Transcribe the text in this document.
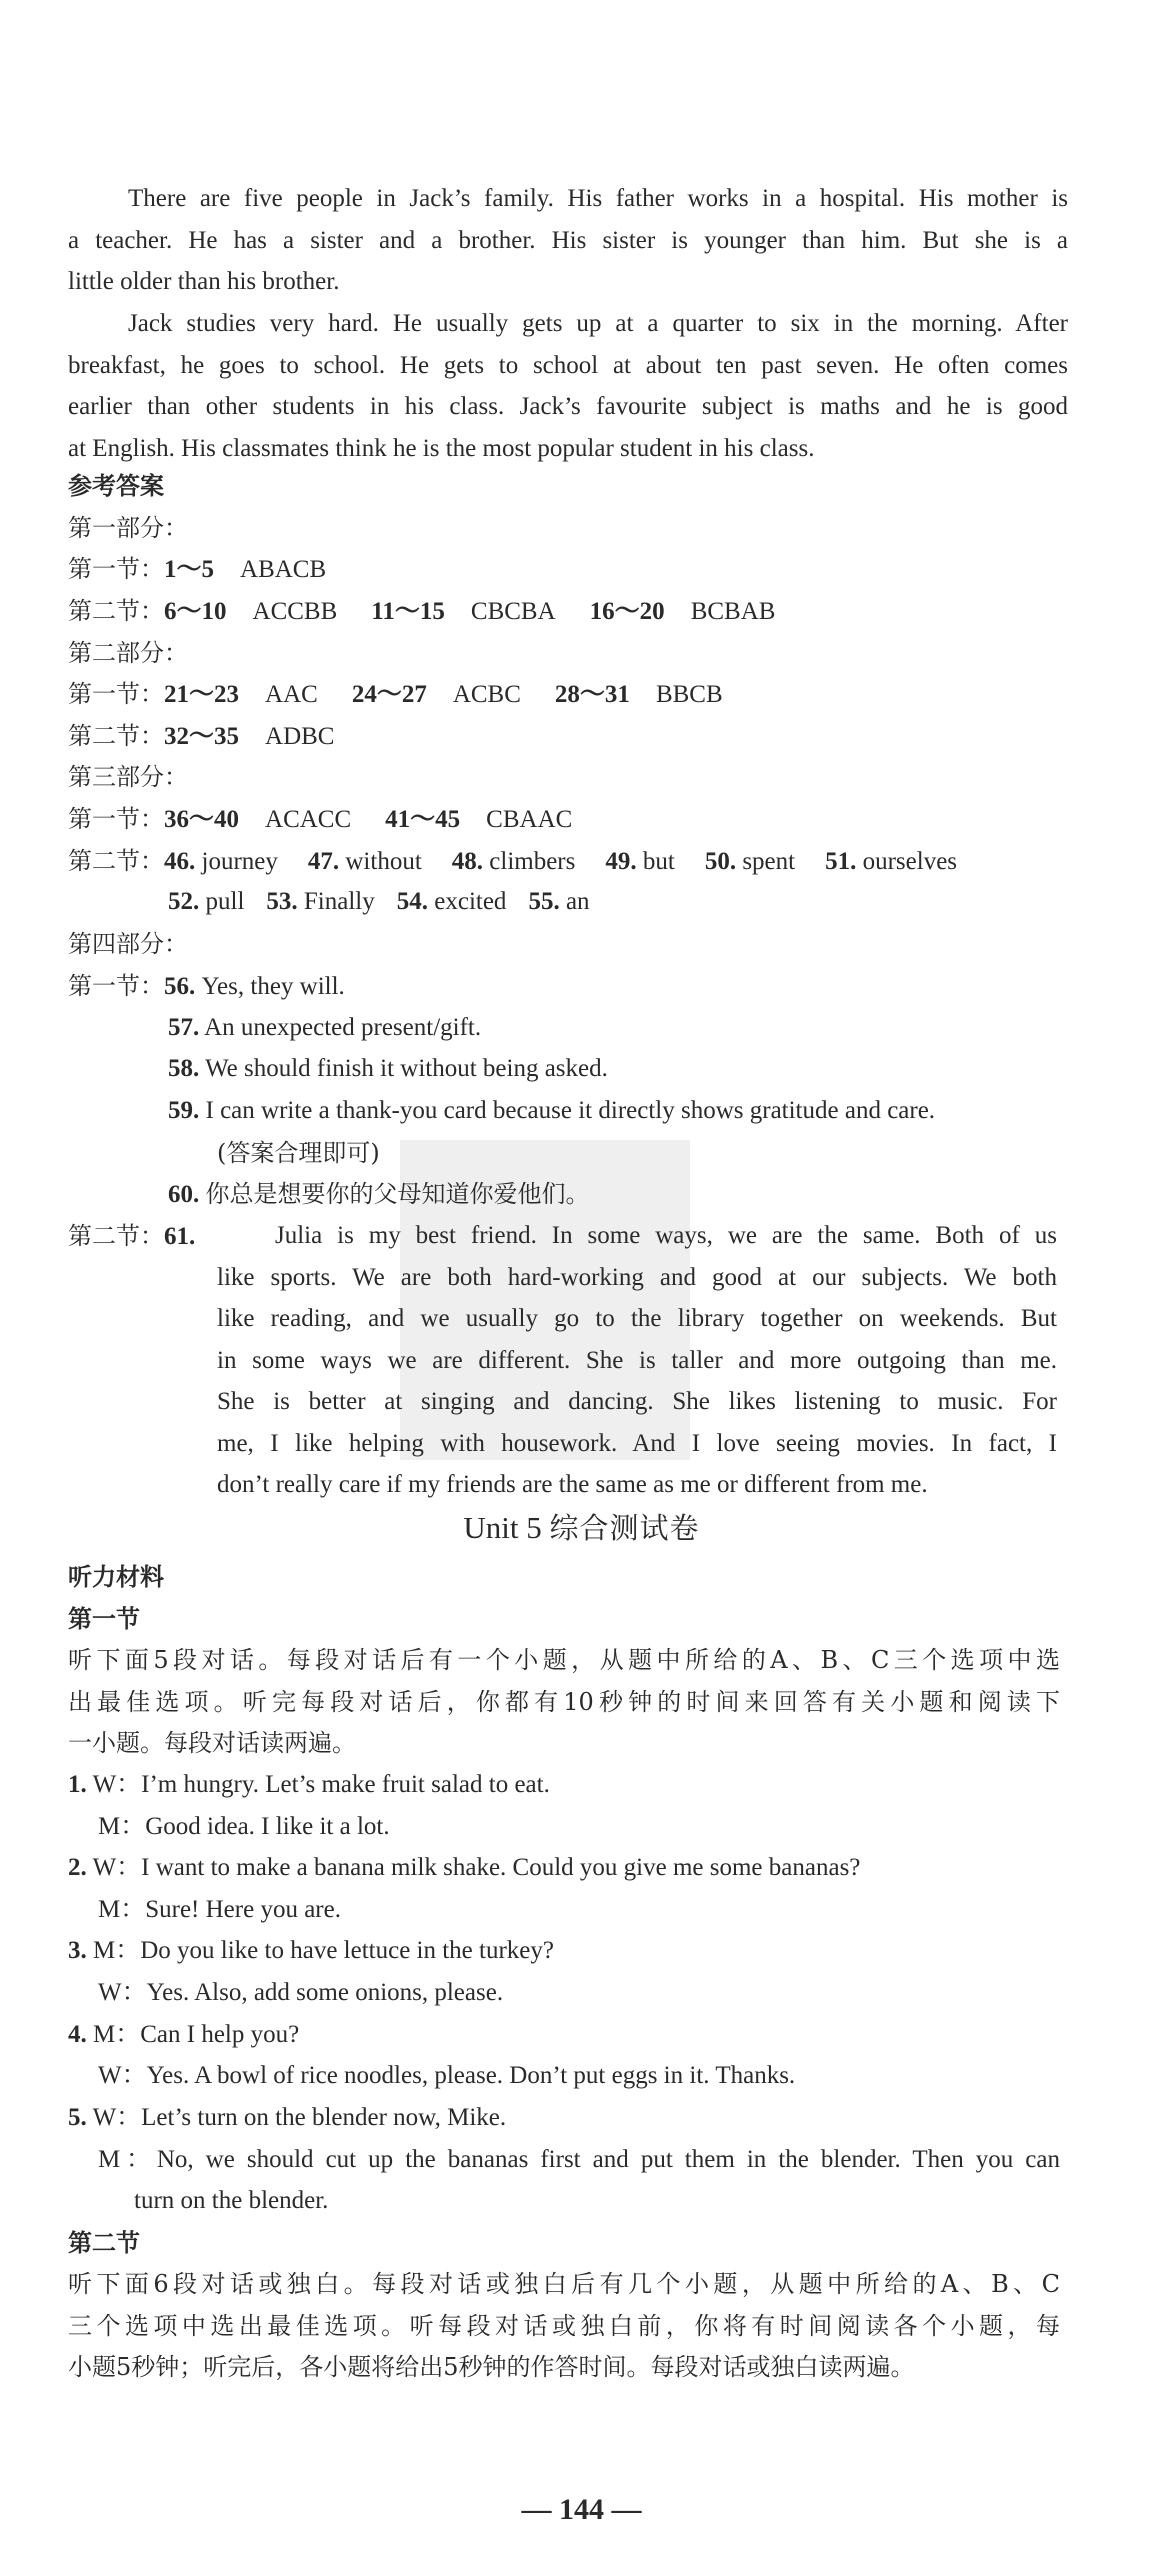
There are five people in Jack’s family. His father works in a hospital. His mother is
a teacher. He has a sister and a brother. His sister is younger than him. But she is a
little older than his brother.
Jack studies very hard. He usually gets up at a quarter to six in the morning. After
breakfast, he goes to school. He gets to school at about ten past seven. He often comes
earlier than other students in his class. Jack’s favourite subject is maths and he is good
at English. His classmates think he is the most popular student in his class.
参考答案
第一部分：
第一节：1～5 ABACB
第二节：6～10 ACCBB 11～15 CBCBA 16～20 BCBAB
第二部分：
第一节：21～23 AAC 24～27 ACBC 28～31 BBCB
第二节：32～35 ADBC
第三部分：
第一节：36～40 ACACC 41～45 CBAAC
第二节：46. journey 47. without 48. climbers 49. but 50. spent 51. ourselves
52. pull 53. Finally 54. excited 55. an
第四部分：
第一节：56. Yes, they will.
57. An unexpected present/gift.
58. We should finish it without being asked.
59. I can write a thank-you card because it directly shows gratitude and care.
(答案合理即可)
60. 你总是想要你的父母知道你爱他们。
第二节：61.	Julia is my best friend. In some ways, we are the same. Both of us
like sports. We are both hard-working and good at our subjects. We both
like reading, and we usually go to the library together on weekends. But
in some ways we are different. She is taller and more outgoing than me.
She is better at singing and dancing. She likes listening to music. For
me, I like helping with housework. And I love seeing movies. In fact, I
don’t really care if my friends are the same as me or different from me.
Unit 5 综合测试卷
听力材料
第一节
听下面5段对话。每段对话后有一个小题，从题中所给的A、B、C三个选项中选
出最佳选项。听完每段对话后，你都有10秒钟的时间来回答有关小题和阅读下
一小题。每段对话读两遍。
1. W：I’m hungry. Let’s make fruit salad to eat.
M：Good idea. I like it a lot.
2. W：I want to make a banana milk shake. Could you give me some bananas?
M：Sure! Here you are.
3. M：Do you like to have lettuce in the turkey?
W：Yes. Also, add some onions, please.
4. M：Can I help you?
W：Yes. A bowl of rice noodles, please. Don’t put eggs in it. Thanks.
5. W：Let’s turn on the blender now, Mike.
M：No, we should cut up the bananas first and put them in the blender. Then you can
turn on the blender.
第二节
听下面6段对话或独白。每段对话或独白后有几个小题，从题中所给的A、B、C
三个选项中选出最佳选项。听每段对话或独白前，你将有时间阅读各个小题，每
小题5秒钟；听完后，各小题将给出5秒钟的作答时间。每段对话或独白读两遍。
— 144 —
